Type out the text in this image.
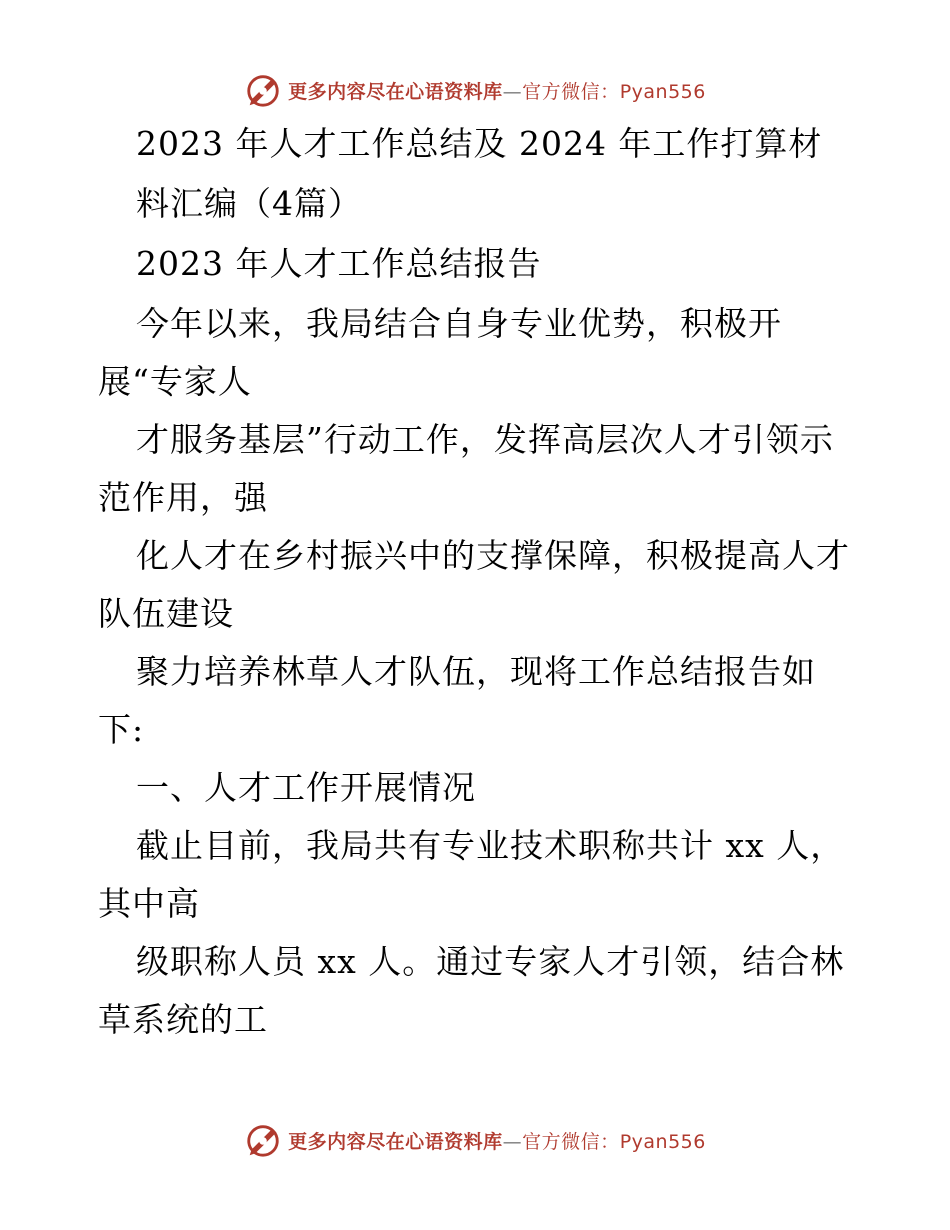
更多内容尽在心语资料库—官方微信：Pyan556
2023 年人才工作总结及 2024 年工作打算材
料汇编（4篇）
2023 年人才工作总结报告
今年以来，我局结合自身专业优势，积极开
展“专家人
才服务基层”行动工作，发挥高层次人才引领示
范作用，强
化人才在乡村振兴中的支撑保障，积极提高人才
队伍建设
聚力培养林草人才队伍，现将工作总结报告如
下:
一、人才工作开展情况
截止目前，我局共有专业技术职称共计 xx 人，
其中高
级职称人员 xx 人。通过专家人才引领，结合林
草系统的工
更多内容尽在心语资料库—官方微信：Pyan556
